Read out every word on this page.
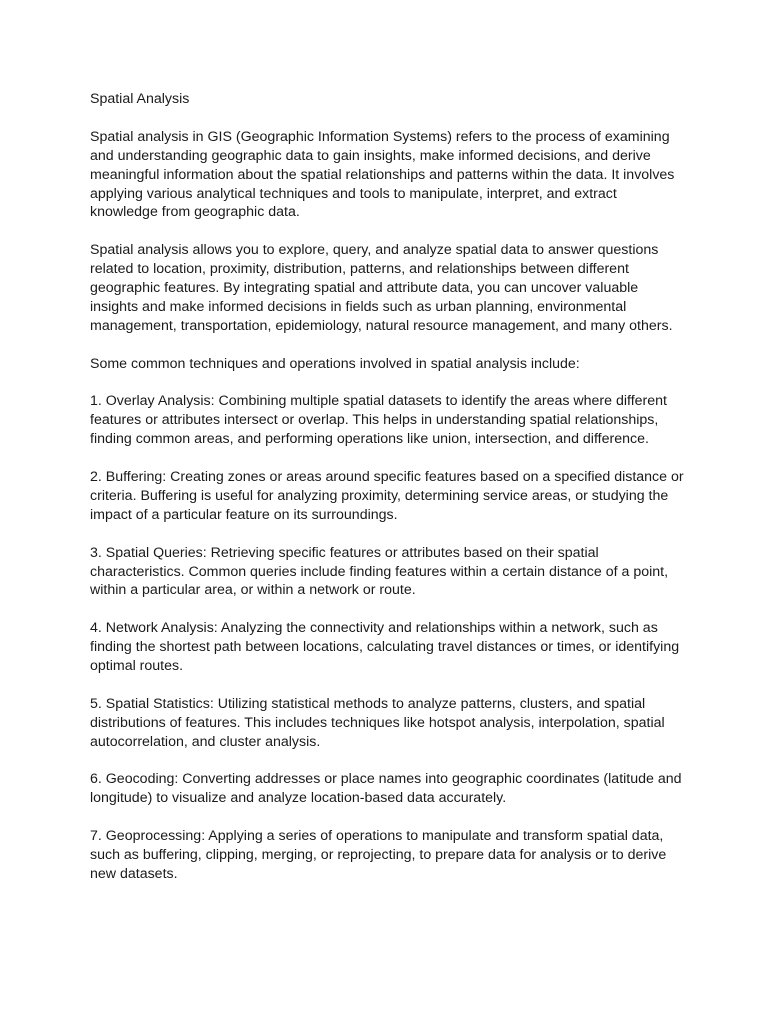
Spatial Analysis

Spatial analysis in GIS (Geographic Information Systems) refers to the process of examining and understanding geographic data to gain insights, make informed decisions, and derive meaningful information about the spatial relationships and patterns within the data. It involves applying various analytical techniques and tools to manipulate, interpret, and extract knowledge from geographic data.

Spatial analysis allows you to explore, query, and analyze spatial data to answer questions related to location, proximity, distribution, patterns, and relationships between different geographic features. By integrating spatial and attribute data, you can uncover valuable insights and make informed decisions in fields such as urban planning, environmental management, transportation, epidemiology, natural resource management, and many others.

Some common techniques and operations involved in spatial analysis include:

1. Overlay Analysis: Combining multiple spatial datasets to identify the areas where different features or attributes intersect or overlap. This helps in understanding spatial relationships, finding common areas, and performing operations like union, intersection, and difference.

2. Buffering: Creating zones or areas around specific features based on a specified distance or criteria. Buffering is useful for analyzing proximity, determining service areas, or studying the impact of a particular feature on its surroundings.

3. Spatial Queries: Retrieving specific features or attributes based on their spatial characteristics. Common queries include finding features within a certain distance of a point, within a particular area, or within a network or route.

4. Network Analysis: Analyzing the connectivity and relationships within a network, such as finding the shortest path between locations, calculating travel distances or times, or identifying optimal routes.

5. Spatial Statistics: Utilizing statistical methods to analyze patterns, clusters, and spatial distributions of features. This includes techniques like hotspot analysis, interpolation, spatial autocorrelation, and cluster analysis.

6. Geocoding: Converting addresses or place names into geographic coordinates (latitude and longitude) to visualize and analyze location-based data accurately.

7. Geoprocessing: Applying a series of operations to manipulate and transform spatial data, such as buffering, clipping, merging, or reprojecting, to prepare data for analysis or to derive new datasets.
